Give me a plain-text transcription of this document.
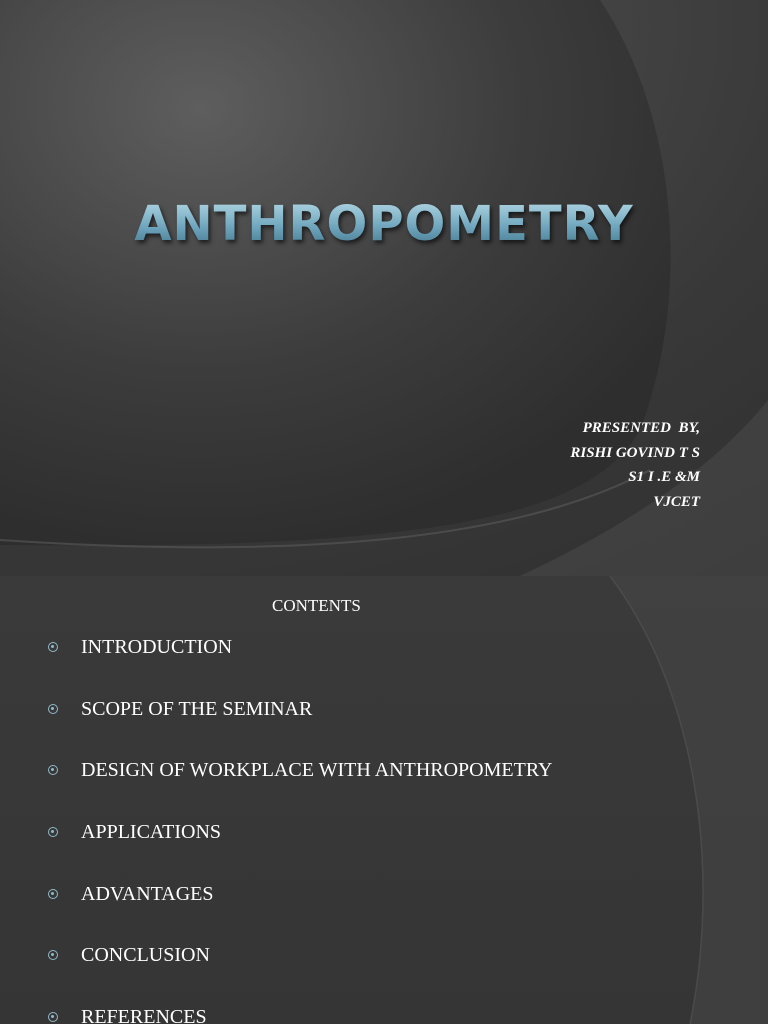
ANTHROPOMETRY
PRESENTED  BY,
RISHI GOVIND T S
S1 I .E &M
VJCET
CONTENTS
INTRODUCTION
SCOPE OF THE SEMINAR
DESIGN OF WORKPLACE WITH ANTHROPOMETRY
APPLICATIONS
ADVANTAGES
CONCLUSION
REFERENCES
